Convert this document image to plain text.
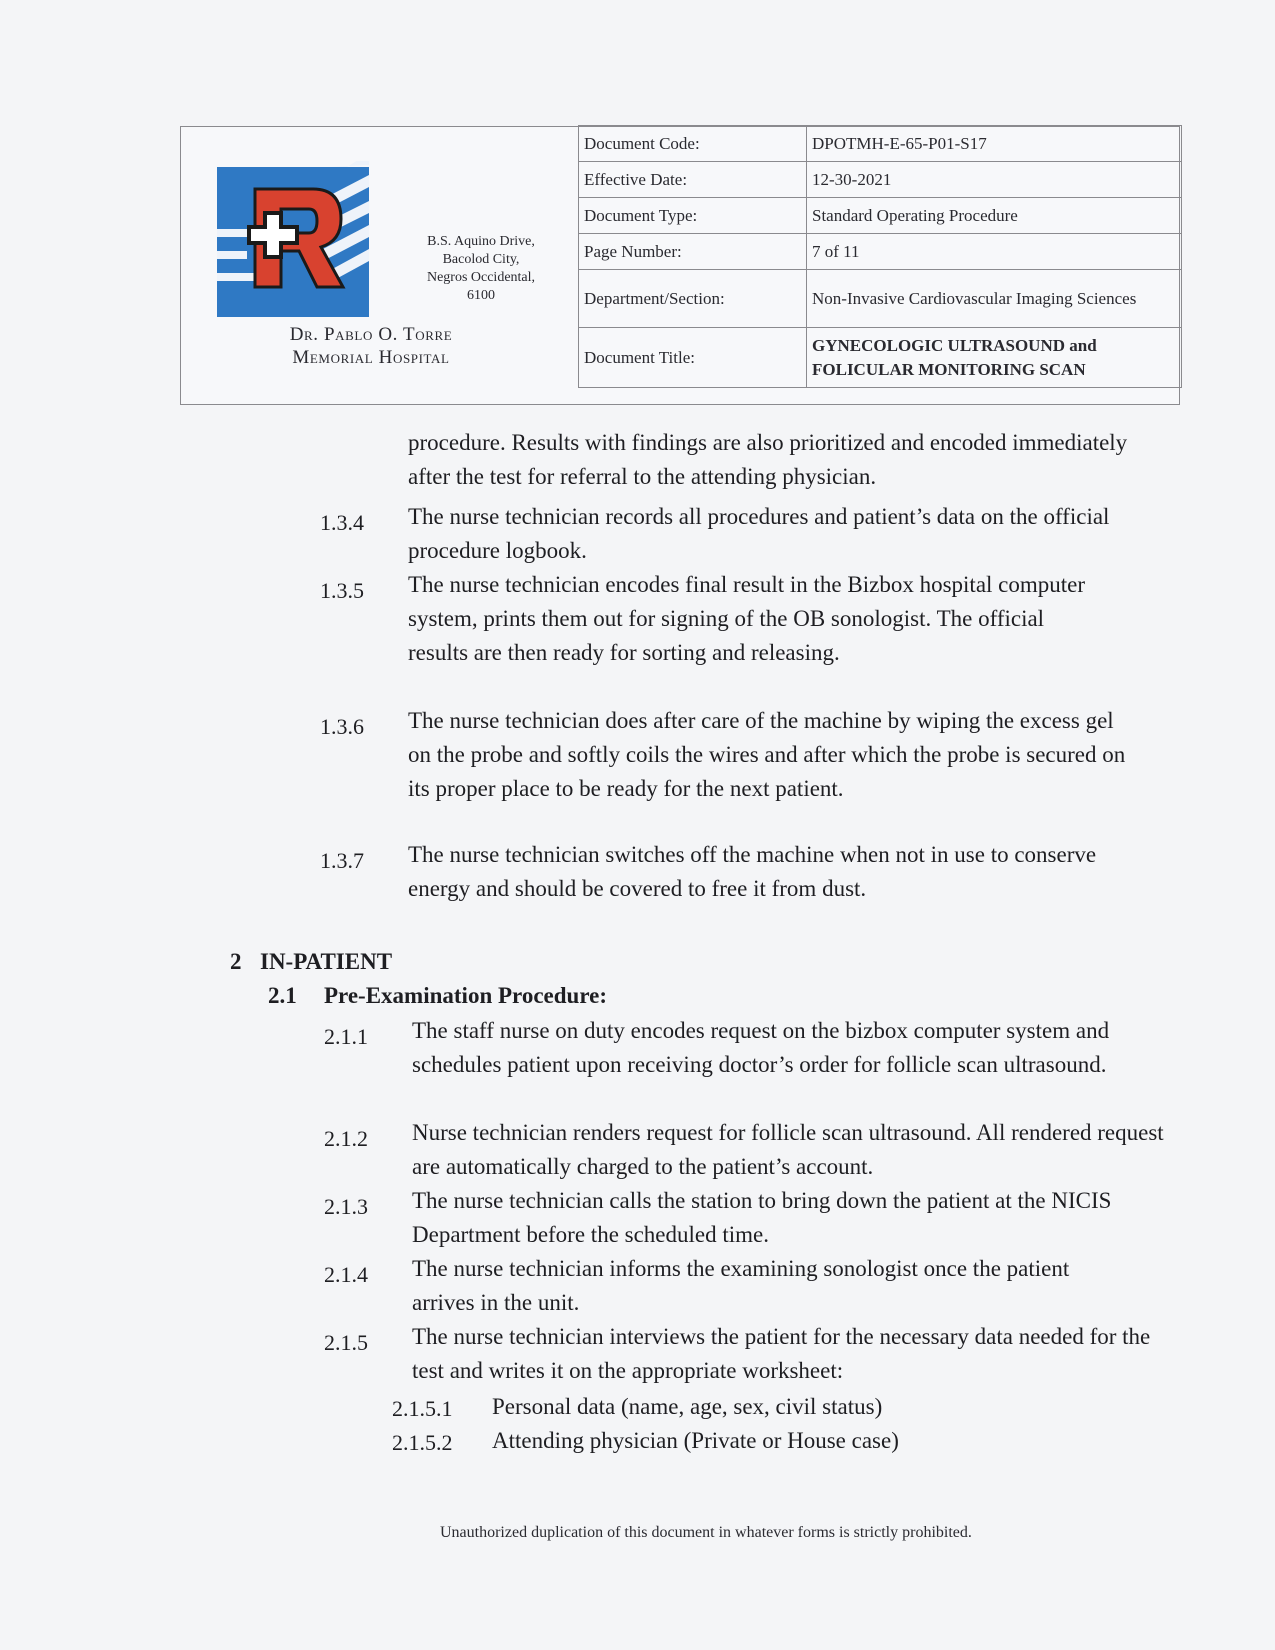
Dr. Pablo O. Torre
Memorial Hospital
B.S. Aquino Drive,
Bacolod City,
Negros Occidental,
6100
Document Code:	DPOTMH-E-65-P01-S17
Effective Date:	12-30-2021
Document Type:	Standard Operating Procedure
Page Number:	7 of 11
Department/Section:	Non-Invasive Cardiovascular Imaging Sciences
Document Title:	GYNECOLOGIC ULTRASOUND and FOLICULAR MONITORING SCAN
procedure. Results with findings are also prioritized and encoded immediately after the test for referral to the attending physician.
1.3.4 The nurse technician records all procedures and patient’s data on the official procedure logbook.
1.3.5 The nurse technician encodes final result in the Bizbox hospital computer system, prints them out for signing of the OB sonologist. The official results are then ready for sorting and releasing.
1.3.6 The nurse technician does after care of the machine by wiping the excess gel on the probe and softly coils the wires and after which the probe is secured on its proper place to be ready for the next patient.
1.3.7 The nurse technician switches off the machine when not in use to conserve energy and should be covered to free it from dust.
2 IN-PATIENT
2.1 Pre-Examination Procedure:
2.1.1 The staff nurse on duty encodes request on the bizbox computer system and schedules patient upon receiving doctor’s order for follicle scan ultrasound.
2.1.2 Nurse technician renders request for follicle scan ultrasound. All rendered request are automatically charged to the patient’s account.
2.1.3 The nurse technician calls the station to bring down the patient at the NICIS Department before the scheduled time.
2.1.4 The nurse technician informs the examining sonologist once the patient arrives in the unit.
2.1.5 The nurse technician interviews the patient for the necessary data needed for the test and writes it on the appropriate worksheet:
2.1.5.1 Personal data (name, age, sex, civil status)
2.1.5.2 Attending physician (Private or House case)
Unauthorized duplication of this document in whatever forms is strictly prohibited.
